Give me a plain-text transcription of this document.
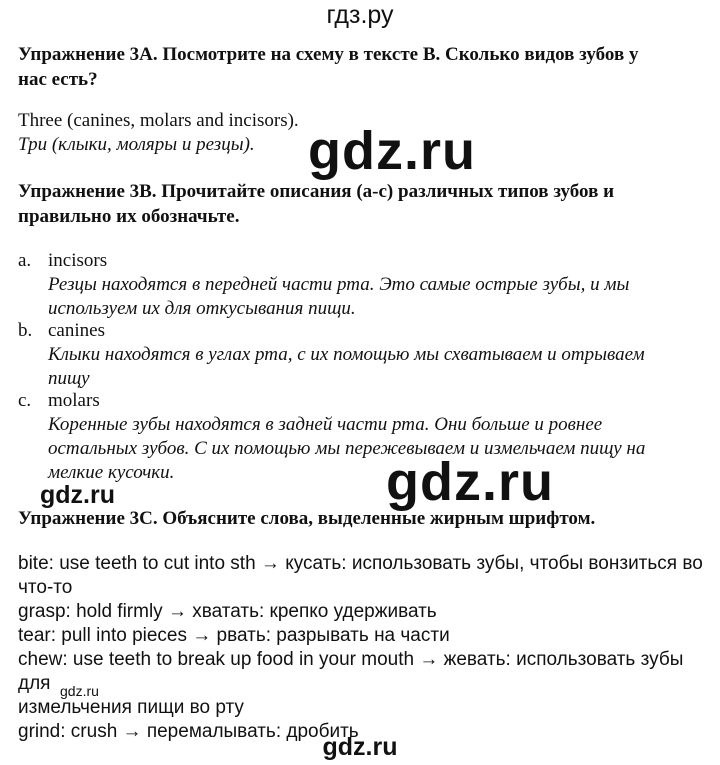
гдз.ру
Упражнение 3A. Посмотрите на схему в тексте B. Сколько видов зубов у
нас есть?
Three (canines, molars and incisors).
Три (клыки, моляры и резцы). gdz.ru
Упражнение 3B. Прочитайте описания (a-c) различных типов зубов и
правильно их обозначьте.
a. incisors
Резцы находятся в передней части рта. Это самые острые зубы, и мы
используем их для откусывания пищи.
b. canines
Клыки находятся в углах рта, с их помощью мы схватываем и отрываем
пищу
c. molars
Коренные зубы находятся в задней части рта. Они больше и ровнее
остальных зубов. С их помощью мы пережевываем и измельчаем пищу на
мелкие кусочки.	gdz.ru
gdz.ru
Упражнение 3C. Объясните слова, выделенные жирным шрифтом.
bite: use teeth to cut into sth → кусать: использовать зубы, чтобы вонзиться во
что-то
grasp: hold firmly → хватать: крепко удерживать
tear: pull into pieces → рвать: разрывать на части
chew: use teeth to break up food in your mouth → жевать: использовать зубы для
измельчения пищи во рту
grind: crush → перемалывать: дробить
gdz.ru
gdz.ru
